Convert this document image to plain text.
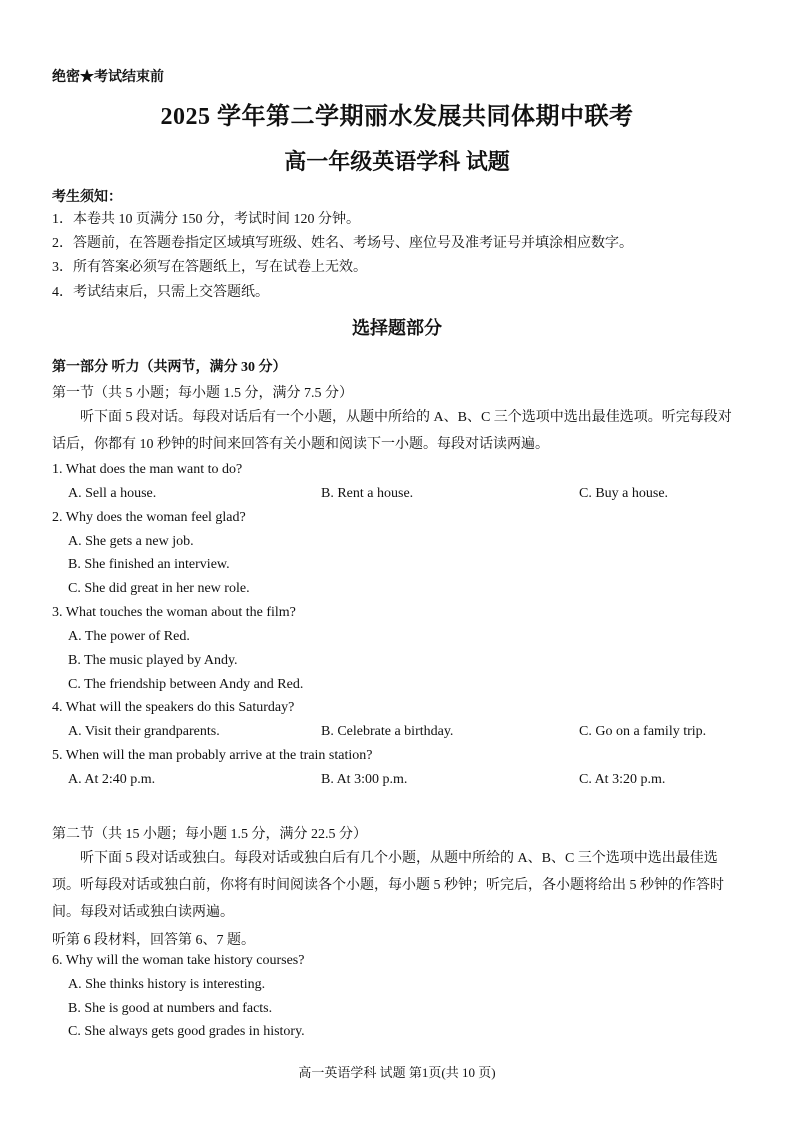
绝密★考试结束前
2025 学年第二学期丽水发展共同体期中联考
高一年级英语学科 试题
考生须知：
1．本卷共 10 页满分 150 分，考试时间 120 分钟。
2．答题前，在答题卷指定区域填写班级、姓名、考场号、座位号及准考证号并填涂相应数字。
3．所有答案必须写在答题纸上，写在试卷上无效。
4．考试结束后，只需上交答题纸。
选择题部分
第一部分 听力（共两节，满分 30 分）
第一节（共 5 小题；每小题 1.5 分，满分 7.5 分）
听下面 5 段对话。每段对话后有一个小题，从题中所给的 A、B、C 三个选项中选出最佳选项。听完每段对话后，你都有 10 秒钟的时间来回答有关小题和阅读下一小题。每段对话读两遍。
1. What does the man want to do?
A. Sell a house.	B. Rent a house.	C. Buy a house.
2. Why does the woman feel glad?
A. She gets a new job.
B. She finished an interview.
C. She did great in her new role.
3. What touches the woman about the film?
A. The power of Red.
B. The music played by Andy.
C. The friendship between Andy and Red.
4. What will the speakers do this Saturday?
A. Visit their grandparents.	B. Celebrate a birthday.	C. Go on a family trip.
5. When will the man probably arrive at the train station?
A. At 2:40 p.m.	B. At 3:00 p.m.	C. At 3:20 p.m.
第二节（共 15 小题；每小题 1.5 分，满分 22.5 分）
听下面 5 段对话或独白。每段对话或独白后有几个小题，从题中所给的 A、B、C 三个选项中选出最佳选项。听每段对话或独白前，你将有时间阅读各个小题，每小题 5 秒钟；听完后，各小题将给出 5 秒钟的作答时间。每段对话或独白读两遍。
听第 6 段材料，回答第 6、7 题。
6. Why will the woman take history courses?
A. She thinks history is interesting.
B. She is good at numbers and facts.
C. She always gets good grades in history.
高一英语学科 试题 第1页(共 10 页)
